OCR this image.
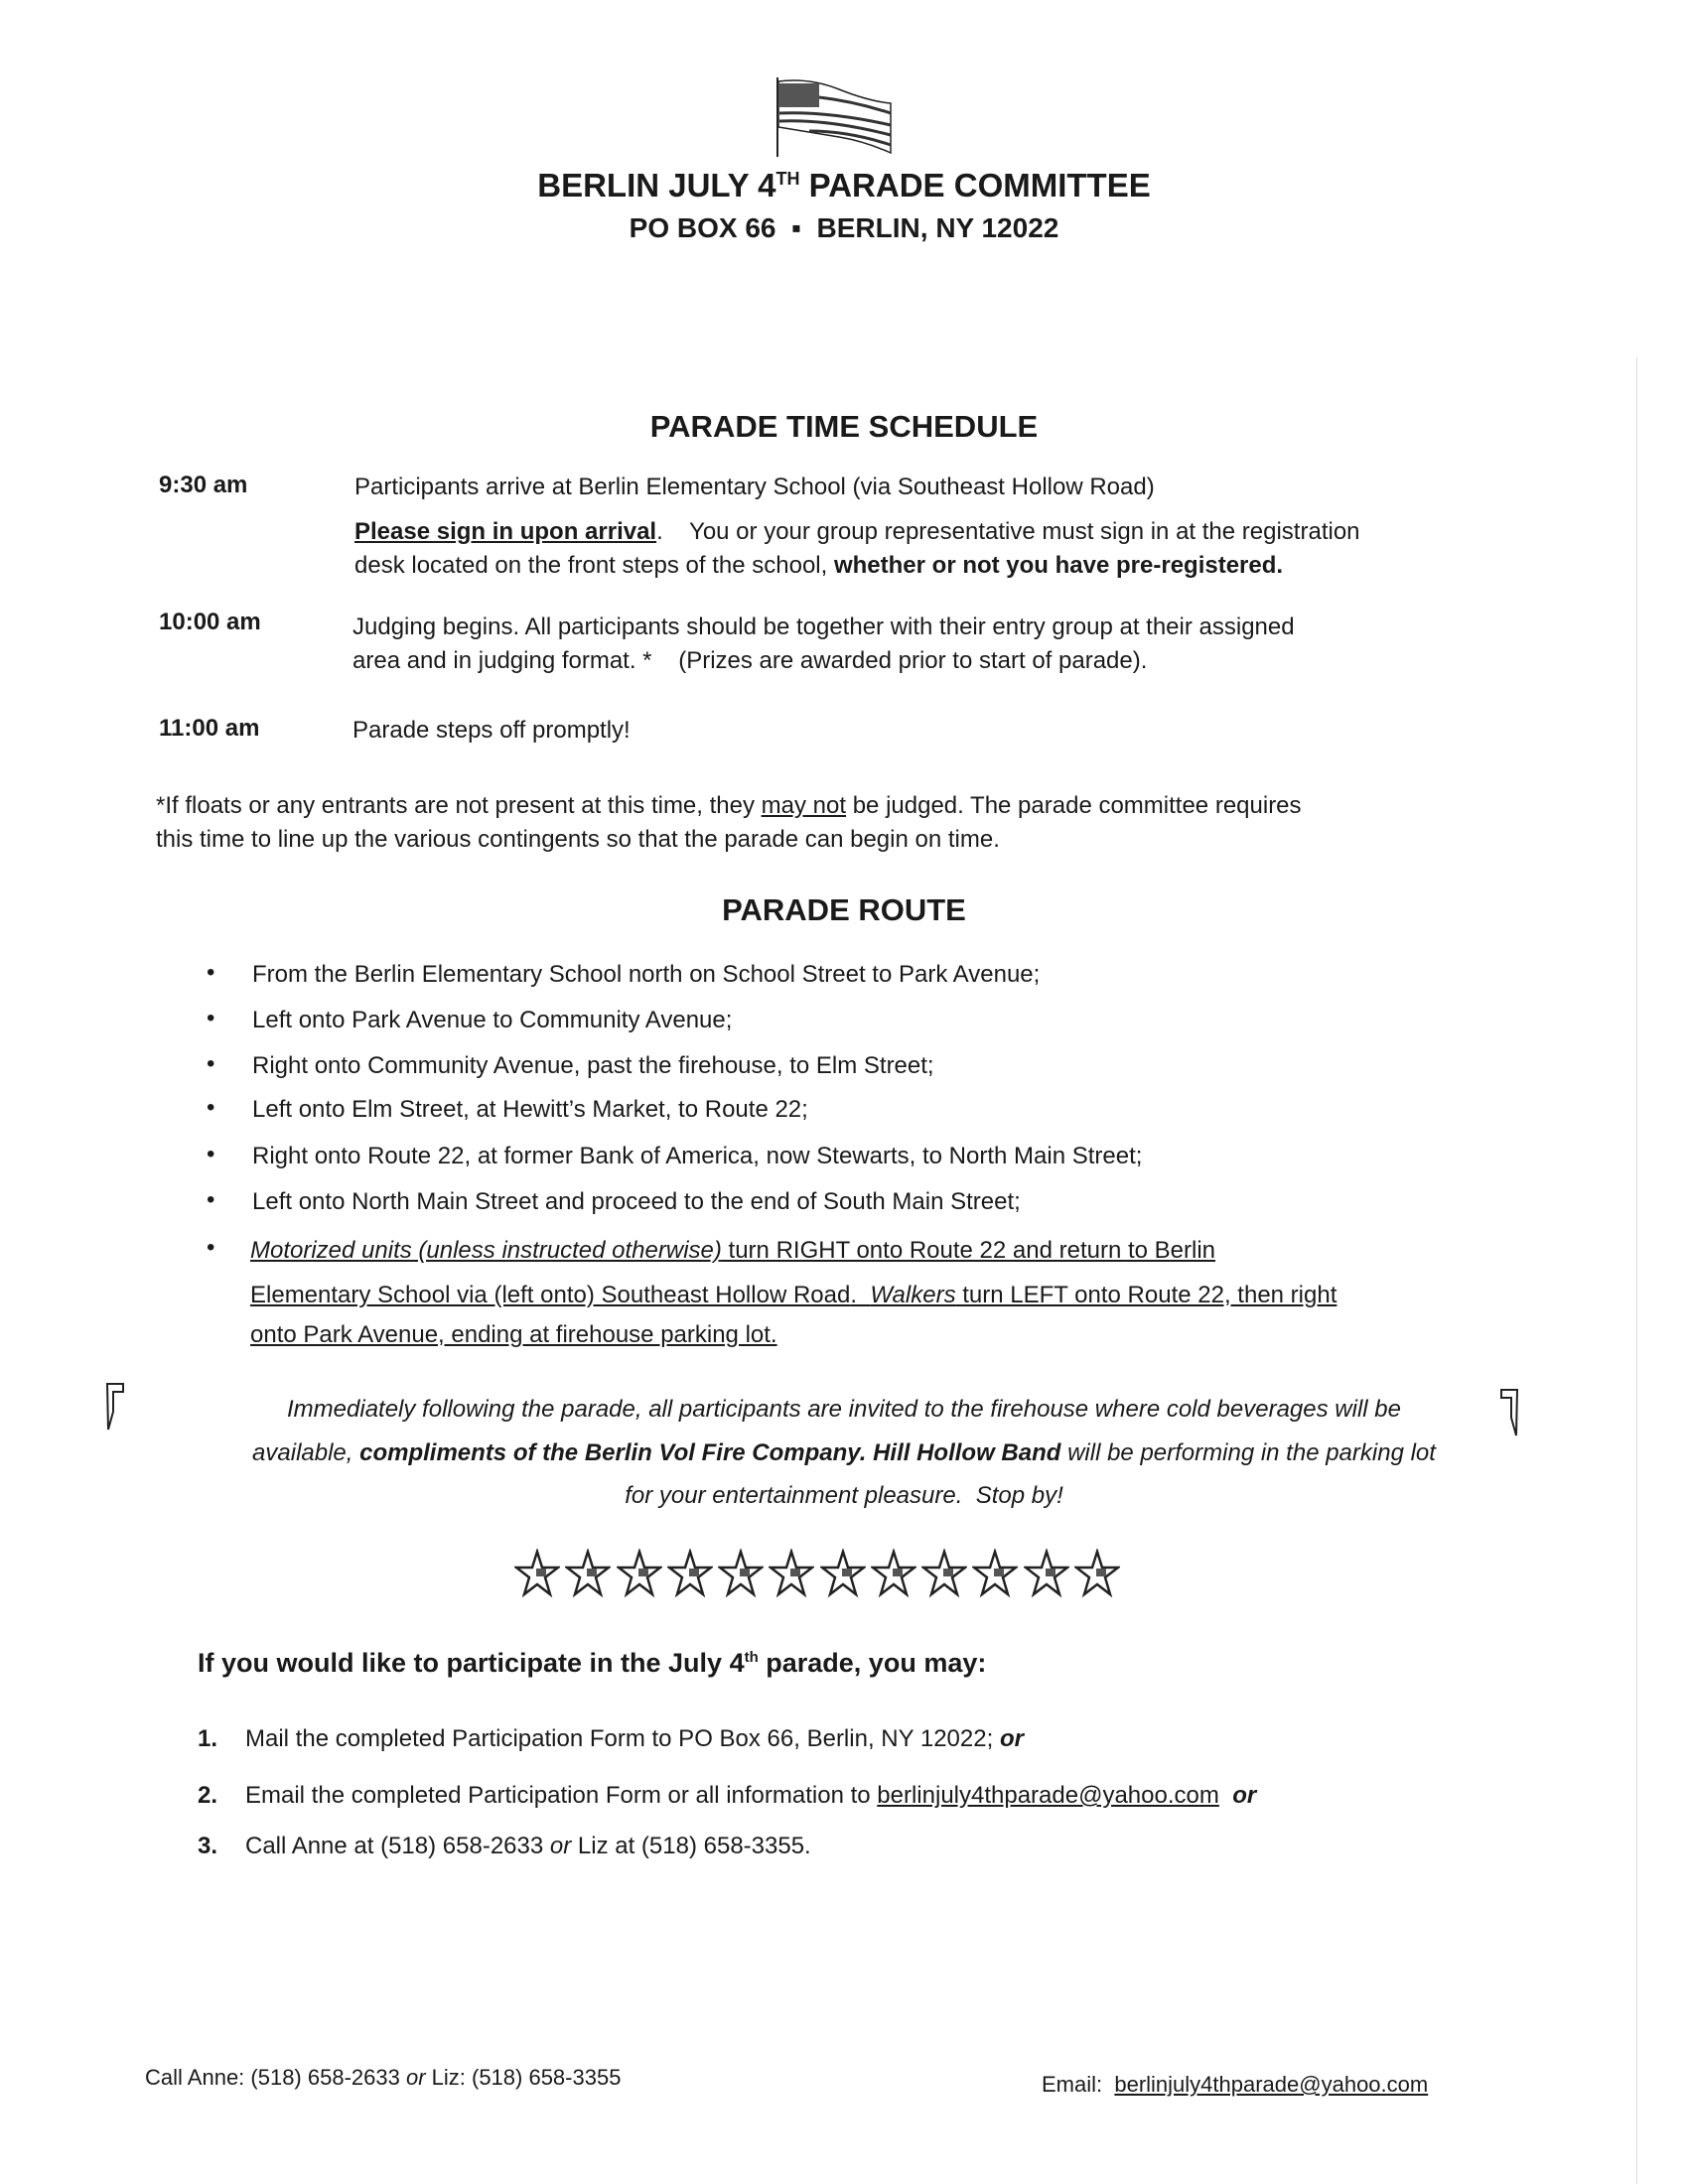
BERLIN JULY 4TH PARADE COMMITTEE
PO BOX 66  ▪  BERLIN, NY 12022
PARADE TIME SCHEDULE
9:30 am	Participants arrive at Berlin Elementary School (via Southeast Hollow Road)
Please sign in upon arrival.    You or your group representative must sign in at the registration
desk located on the front steps of the school, whether or not you have pre-registered.
10:00 am	Judging begins. All participants should be together with their entry group at their assigned
area and in judging format. *    (Prizes are awarded prior to start of parade).
11:00 am	Parade steps off promptly!
*If floats or any entrants are not present at this time, they may not be judged. The parade committee requires
this time to line up the various contingents so that the parade can begin on time.
PARADE ROUTE
• From the Berlin Elementary School north on School Street to Park Avenue;
• Left onto Park Avenue to Community Avenue;
• Right onto Community Avenue, past the firehouse, to Elm Street;
• Left onto Elm Street, at Hewitt’s Market, to Route 22;
• Right onto Route 22, at former Bank of America, now Stewarts, to North Main Street;
• Left onto North Main Street and proceed to the end of South Main Street;
• Motorized units (unless instructed otherwise) turn RIGHT onto Route 22 and return to Berlin
Elementary School via (left onto) Southeast Hollow Road.  Walkers turn LEFT onto Route 22, then right
onto Park Avenue, ending at firehouse parking lot.
Immediately following the parade, all participants are invited to the firehouse where cold beverages will be
available, compliments of the Berlin Vol Fire Company. Hill Hollow Band will be performing in the parking lot
for your entertainment pleasure.  Stop by!
If you would like to participate in the July 4th parade, you may:
1. Mail the completed Participation Form to PO Box 66, Berlin, NY 12022; or
2. Email the completed Participation Form or all information to berlinjuly4thparade@yahoo.com or
3. Call Anne at (518) 658-2633 or Liz at (518) 658-3355.
Call Anne: (518) 658-2633 or Liz: (518) 658-3355	Email:  berlinjuly4thparade@yahoo.com
